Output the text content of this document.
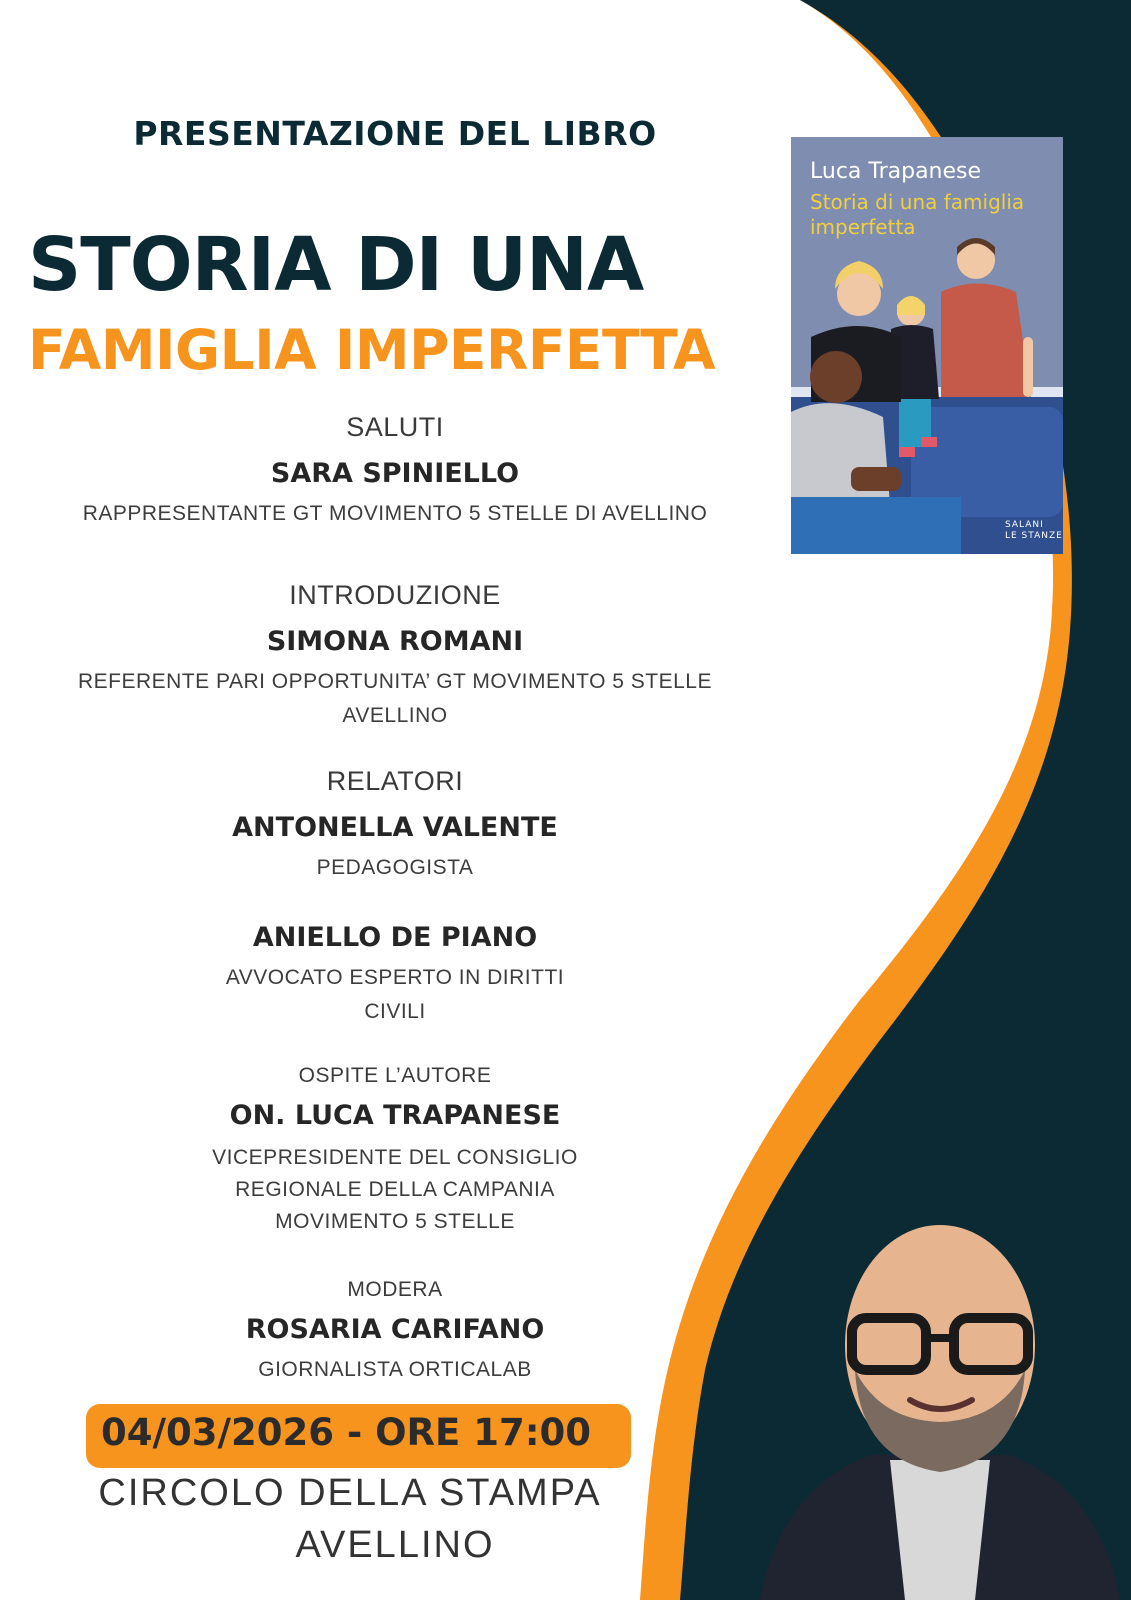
PRESENTAZIONE DEL LIBRO
STORIA DI UNA
FAMIGLIA IMPERFETTA
SALUTI
SARA SPINIELLO
RAPPRESENTANTE GT MOVIMENTO 5 STELLE DI AVELLINO
INTRODUZIONE
SIMONA ROMANI
REFERENTE PARI OPPORTUNITA’ GT MOVIMENTO 5 STELLE
AVELLINO
RELATORI
ANTONELLA VALENTE
PEDAGOGISTA
ANIELLO DE PIANO
AVVOCATO ESPERTO IN DIRITTI
CIVILI
OSPITE L’AUTORE
ON. LUCA TRAPANESE
VICEPRESIDENTE DEL CONSIGLIO
REGIONALE DELLA CAMPANIA
MOVIMENTO 5 STELLE
MODERA
ROSARIA CARIFANO
GIORNALISTA ORTICALAB
04/03/2026 - ORE 17:00
CIRCOLO DELLA STAMPA
AVELLINO
Luca Trapanese
Storia di una famiglia
imperfetta
SALANI
LE STANZE
